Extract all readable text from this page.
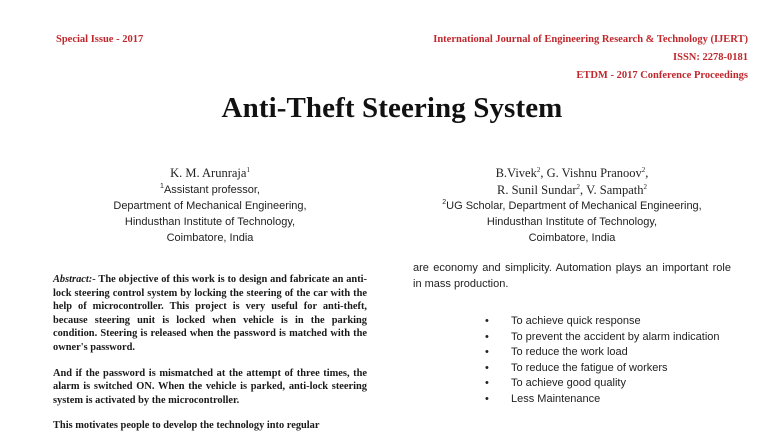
Special Issue - 2017	International Journal of Engineering Research & Technology (IJERT)
ISSN: 2278-0181
ETDM - 2017 Conference Proceedings
Anti-Theft Steering System
K. M. Arunraja$^1$
$^1$Assistant professor,
Department of Mechanical Engineering,
Hindusthan Institute of Technology,
Coimbatore, India
B.Vivek$^2$, G. Vishnu Pranoov$^2$,
R. Sunil Sundar$^2$, V. Sampath$^2$
$^2$UG Scholar, Department of Mechanical Engineering,
Hindusthan Institute of Technology,
Coimbatore, India

Abstract:- The objective of this work is to design and fabricate an anti-lock steering control system by locking the steering of the car with the help of microcontroller. This project is very useful for anti-theft, because steering unit is locked when vehicle is in the parking condition. Steering is released when the password is matched with the owner's password.

And if the password is mismatched at the attempt of three times, the alarm is switched ON. When the vehicle is parked, anti-lock steering system is activated by the microcontroller.

This motivates people to develop the technology into regular

are economy and simplicity. Automation plays an important role in mass production.

• To achieve quick response
• To prevent the accident by alarm indication
• To reduce the work load
• To reduce the fatigue of workers
• To achieve good quality
• Less Maintenance
